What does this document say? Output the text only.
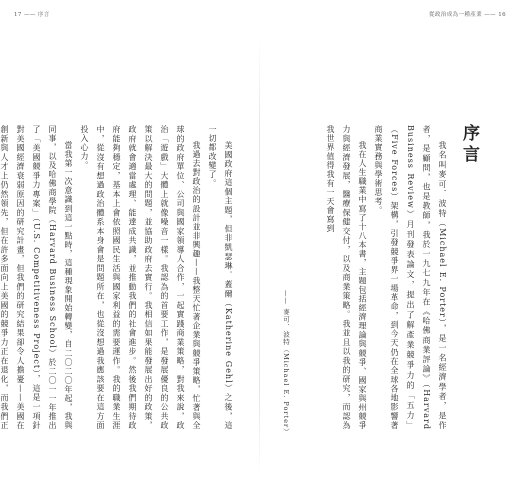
17 —— 序言

美國政府這個主題，但非凱瑟琳．蓋爾（Katherine Gehl）之後，這一切都改變了。

我過去對政治的設計並非興趣——我整天忙著企業與競爭策略，忙著與全球的政府單位、公司與國家領導人合作，一起實踐商業策略，對我來說，政治「遊戲」大體上就像噪音一樣。我認為的首要工作，是發展優良的公共政策以解決最大的問題，並協助政府去實行。我相信如果能發展出好的政策，政府就會適當處理、能達成共識，並推動我們的社會進步。然後我們期待政府能夠穩定，基本上會依照國民生活與國家利益的需要運作。我的職業生涯中，從沒有想過政治體系本身會是問題所在，也從沒想過我應該要在這方面投入心力。

當我第一次意識到這一點時，這種現象開始轉變，自二〇二〇年起，我與同事，以及哈佛商學院（Harvard Business School）於二〇一一年推出了「美國競爭力專案」（U.S. Competitiveness Project），這是一項針對美國經濟衰弱原因的研究計畫，但我們的研究結果卻令人擔憂——美國在創新與人才上仍然領先，但在許多面向上美國的競爭力正在退化，而我們正

從政治成為一種產業 —— 16
序言

我名叫麥可．波特（Michael E. Porter），是一名經濟學者，是作者，是顧問，也是教師，我於一九七九年在《哈佛商業評論》（Harvard Business Review）月刊發表論文，提出了解產業競爭力的「五力」（Five Forces）架構，引發競爭界一場革命，到今天仍在全球各地影響著商業實務與學術思考。

我在人生職業中寫了十八本書，主題包括經濟理論與競爭、國家與州競爭力與經濟發展，醫療保健交付，以及商業策略。我並且以我的研究，而認為我世界值得我有一天會寫到

—— 麥可．波特（Michael E. Porter）
